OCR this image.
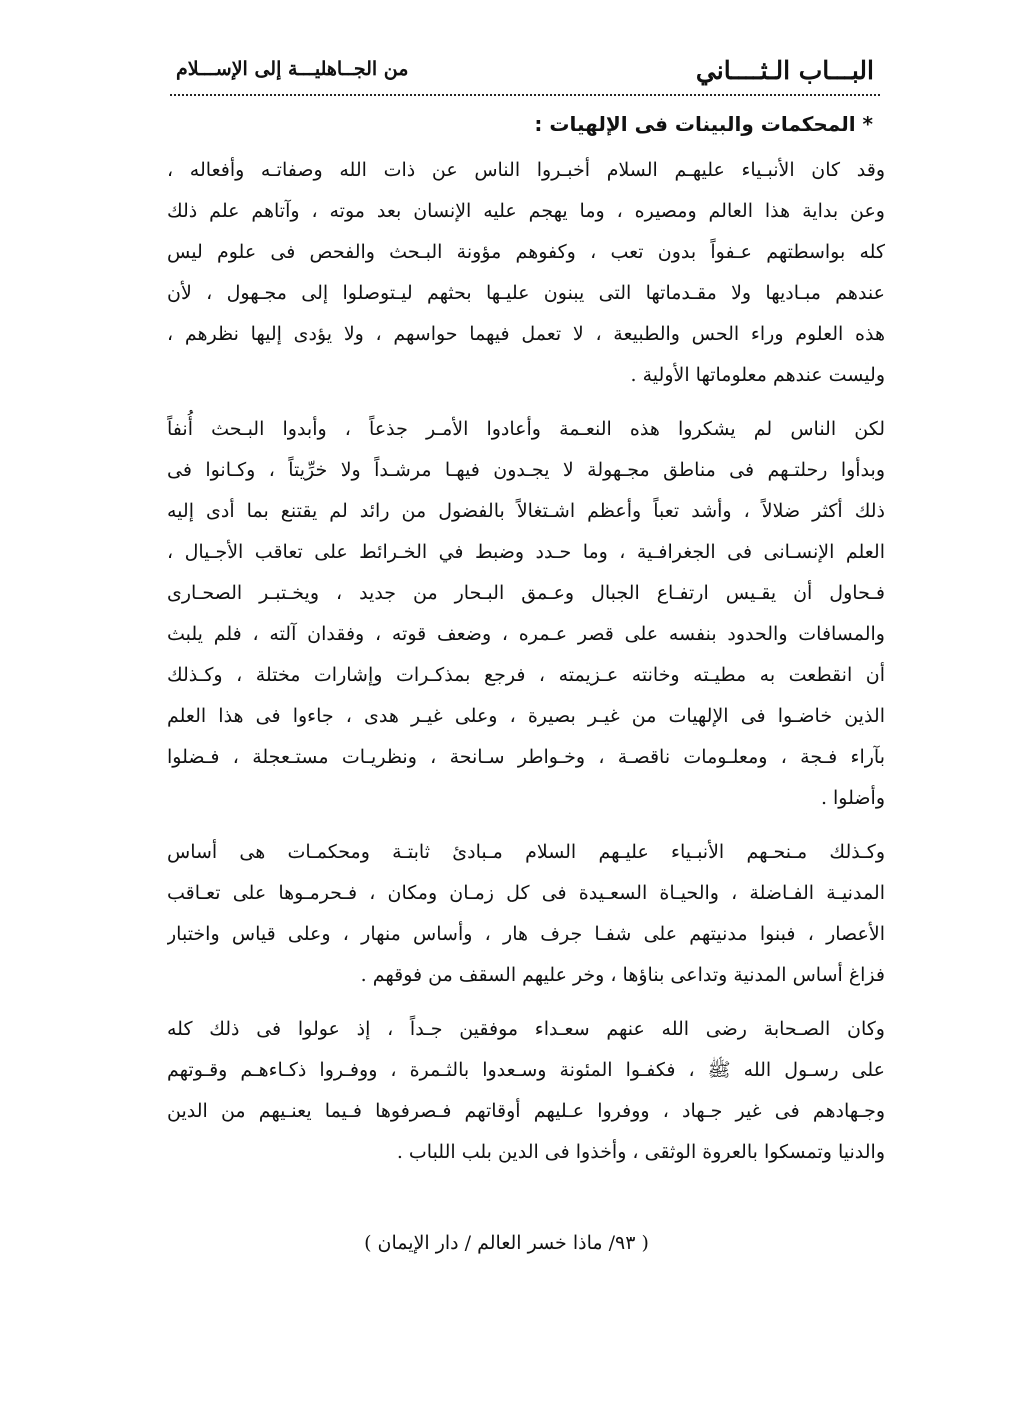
البـــاب الـثــــاني
من الجــاهليـــة إلى الإســـلام
* المحكمات والبينات فى الإلهيات :
وقد كان الأنبـياء عليهـم السلام أخبـروا الناس عن ذات الله وصفاتـه وأفعاله ،
وعن بداية هذا العالم ومصيره ، وما يهجم عليه الإنسان بعد موته ، وآتاهم علم ذلك
كله بواسطتهم عـفواً بدون تعب ، وكفوهم مؤونة البـحث والفحص فى علوم ليس
عندهم مبـاديها ولا مقـدماتها التى يبنون عليـها بحثهم ليـتوصلوا إلى مجـهول ، لأن
هذه العلوم وراء الحس والطبيعة ، لا تعمل فيهما حواسهم ، ولا يؤدى إليها نظرهم ،
وليست عندهم معلوماتها الأولية .
لكن الناس لم يشكروا هذه النعـمة وأعادوا الأمـر جذعاً ، وأبدوا البـحث أُنفاً
وبدأوا رحلتـهم فى مناطق مجـهولة لا يجـدون فيهـا مرشـداً ولا خرِّيتاً ، وكـانوا فى
ذلك أكثر ضلالاً ، وأشد تعباً وأعظم اشـتغالاً بالفضول من رائد لم يقتنع بما أدى إليه
العلم الإنسـانى فى الجغرافـية ، وما حـدد وضبط في الخـرائط على تعاقب الأجـيال ،
فـحاول أن يقـيس ارتفـاع الجبال وعـمق البـحار من جديد ، ويخـتبـر الصحـارى
والمسافات والحدود بنفسه على قصر عـمره ، وضعف قوته ، وفقدان آلته ، فلم يلبث
أن انقطعت به مطيـته وخانته عـزيمته ، فرجع بمذكـرات وإشارات مختلة ، وكـذلك
الذين خاضـوا فى الإلهيات من غيـر بصيرة ، وعلى غيـر هدى ، جاءوا فى هذا العلم
بآراء فـجة ، ومعلـومات ناقصـة ، وخـواطر سـانحة ، ونظريـات مستـعجلة ، فـضلوا
وأضلوا .
وكـذلك مـنحـهم الأنبـياء عليـهم السلام مـبادئ ثابتـة ومحكمـات هى أساس
المدنيـة الفـاضلة ، والحيـاة السعـيدة فى كل زمـان ومكان ، فـحرمـوها على تعـاقب
الأعصار ، فبنوا مدنيتهم على شفـا جرف هار ، وأساس منهار ، وعلى قياس واختبار
فزاغ أساس المدنية وتداعى بناؤها ، وخر عليهم السقف من فوقهم .
وكان الصـحابة رضى الله عنهم سعـداء موفقين جـداً ، إذ عولوا فى ذلك كله
على رسـول الله ﷺ ، فكفـوا المئونة وسـعدوا بالثـمرة ، ووفـروا ذكـاءهـم وقـوتهم
وجـهادهم فى غير جـهاد ، ووفروا عـليهم أوقاتهم فـصرفوها فـيما يعنـيهم من الدين
والدنيا وتمسكوا بالعروة الوثقى ، وأخذوا فى الدين بلب اللباب .
( ٩٣/ ماذا خسر العالم / دار الإيمان )
